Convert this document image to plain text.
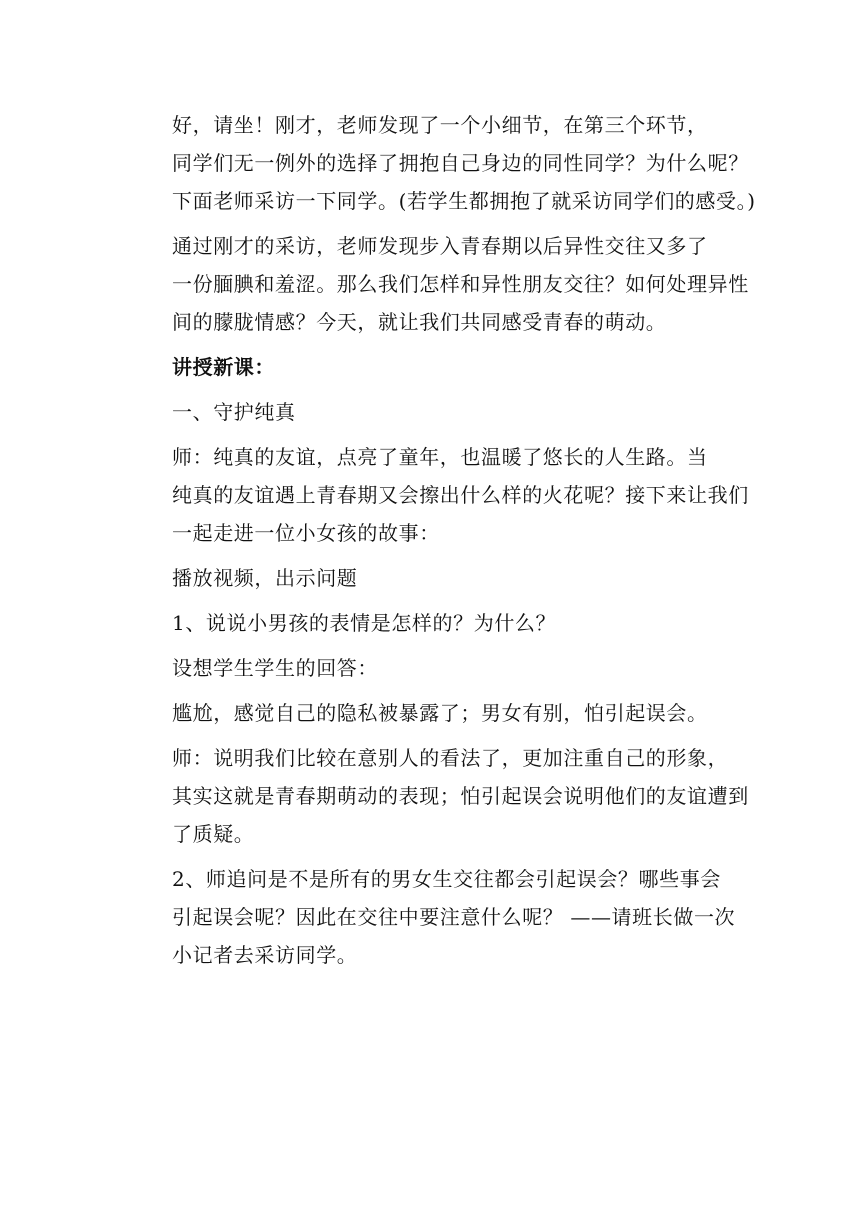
好，请坐！刚才，老师发现了一个小细节，在第三个环节，
同学们无一例外的选择了拥抱自己身边的同性同学？为什么呢？
下面老师采访一下同学。(若学生都拥抱了就采访同学们的感受。)

通过刚才的采访，老师发现步入青春期以后异性交往又多了
一份腼腆和羞涩。那么我们怎样和异性朋友交往？如何处理异性
间的朦胧情感？今天，就让我们共同感受青春的萌动。

讲授新课：

一、守护纯真

师：纯真的友谊，点亮了童年，也温暖了悠长的人生路。当
纯真的友谊遇上青春期又会擦出什么样的火花呢？接下来让我们
一起走进一位小女孩的故事：

播放视频，出示问题

1、说说小男孩的表情是怎样的？为什么？

设想学生学生的回答：

尴尬，感觉自己的隐私被暴露了；男女有别，怕引起误会。

师：说明我们比较在意别人的看法了，更加注重自己的形象，
其实这就是青春期萌动的表现；怕引起误会说明他们的友谊遭到
了质疑。

2、师追问是不是所有的男女生交往都会引起误会？哪些事会
引起误会呢？因此在交往中要注意什么呢？ ——请班长做一次
小记者去采访同学。
